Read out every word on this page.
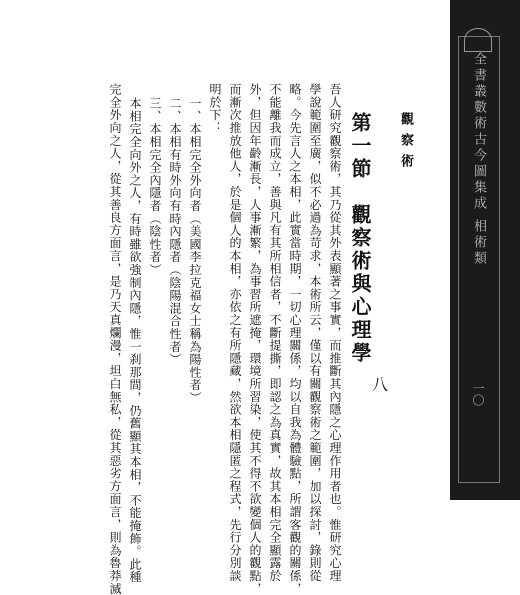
全書叢數術古今圖集成 相術類
一〇
觀察術
第一節　觀察術與心理學
八
吾人研究觀察術，其乃從其外表顯著之事實，而推斷其內隱之心理作用者也。惟研究心理
學說範圍至廣，似不必過為苛求，本術所云，僅以有關觀察術之範圍，加以探討，錄則從
略。今先言人之本相，此實當時期，一切心理關係，均以自我為體驗點，所謂客觀的關係，
不能離我而成立，善與凡有其所相信者，不斷提撕，即認之為真實，故其本相完全顯露於
外，但因年齡漸長，人事漸繁，為事習所遮掩，環境所習染，使其不得不欲變個人的觀點，
而漸次推放他人，於是個人的本相，亦依之有所隱藏，然欲本相隱匿之程式，先行分別談
明於下：
一、本相完全外向者（美國李拉克福女士稱為陽性者）
二、本相有時外向有時內隱者（陰陽混合性者）
三、本相完全內隱者（陰性者）
本相完全向外之人，有時雖欲強制內隱，惟一刹那間，仍舊顯其本相，不能掩飾。此種
完全外向之人，從其善良方面言，是乃天真爛漫，坦白無私，從其惡劣方面言，則為魯莽滅
